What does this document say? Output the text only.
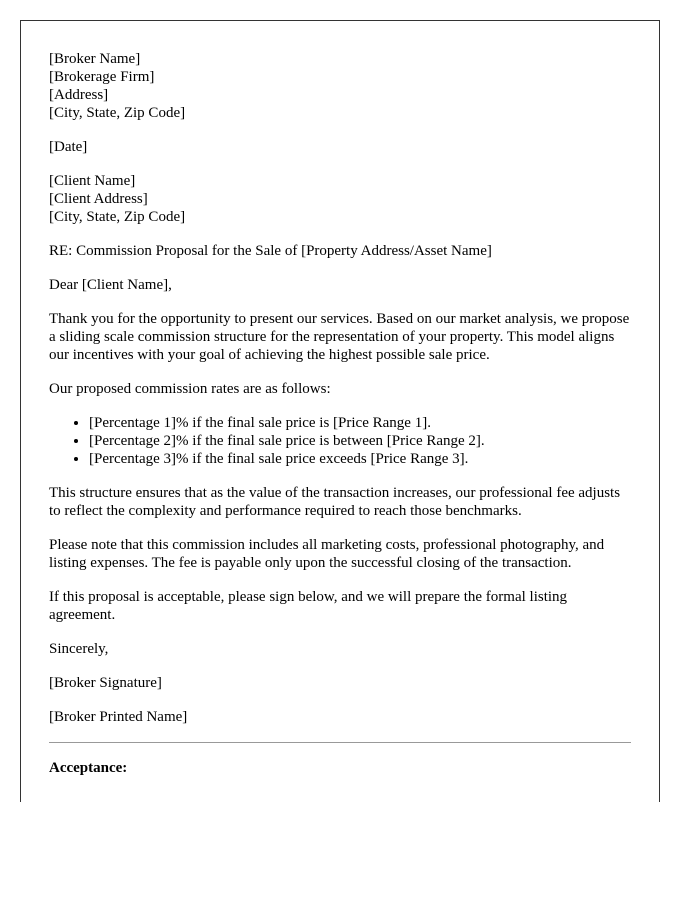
[Broker Name]
[Brokerage Firm]
[Address]
[City, State, Zip Code]

[Date]

[Client Name]
[Client Address]
[City, State, Zip Code]

RE: Commission Proposal for the Sale of [Property Address/Asset Name]

Dear [Client Name],

Thank you for the opportunity to present our services. Based on our market analysis, we propose a sliding scale commission structure for the representation of your property. This model aligns our incentives with your goal of achieving the highest possible sale price.

Our proposed commission rates are as follows:

• [Percentage 1]% if the final sale price is [Price Range 1].
• [Percentage 2]% if the final sale price is between [Price Range 2].
• [Percentage 3]% if the final sale price exceeds [Price Range 3].

This structure ensures that as the value of the transaction increases, our professional fee adjusts to reflect the complexity and performance required to reach those benchmarks.

Please note that this commission includes all marketing costs, professional photography, and listing expenses. The fee is payable only upon the successful closing of the transaction.

If this proposal is acceptable, please sign below, and we will prepare the formal listing agreement.

Sincerely,

[Broker Signature]

[Broker Printed Name]

Acceptance:
